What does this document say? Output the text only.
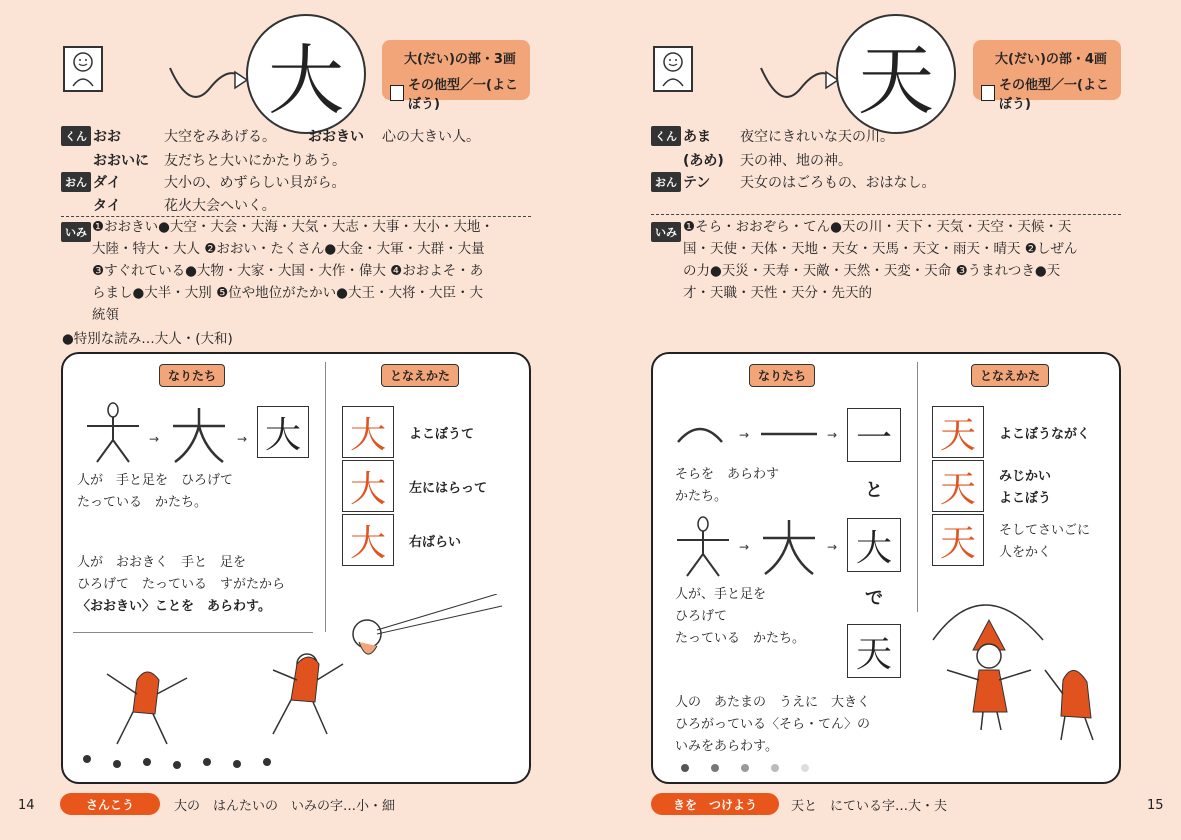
大	大(だい)の部・3画
その他型／一(よこぼう)
くん おお	大空をみあげる。 おおきい 心の大きい人。
おおいに 友だちと大いにかたりあう。
おん ダイ	大小の、めずらしい貝がら。
タイ	花火大会へいく。
いみ ❶おおきい●大空・大会・大海・大気・大志・大事・大小・大地・
大陸・特大・大人 ❷おおい・たくさん●大金・大軍・大群・大量
❸すぐれている●大物・大家・大国・大作・偉大 ❹おおよそ・あ
らまし●大半・大別 ❺位や地位がたかい●大王・大将・大臣・大
統領
●特別な読み…大人・(大和)
なりたち	となえかた
→	→ 大
人が　手と足を　ひろげて
たっている　かたち。
人が　おおきく　手と　足を
ひろげて　たっている　すがたから
〈おおきい〉ことを　あらわす。
大
大
大
よこぼうて
左にはらって
右ばらい
14	さんこう	大の　はんたいの　いみの字…小・細
天	大(だい)の部・4画
その他型／一(よこぼう)
くん あま 夜空にきれいな天の川。
(あめ) 天の神、地の神。
おん テン 天女のはごろもの、おはなし。
いみ ❶そら・おおぞら・てん●天の川・天下・天気・天空・天候・天
国・天使・天体・天地・天女・天馬・天文・雨天・晴天 ❷しぜん
の力●天災・天寿・天敵・天然・天変・天命 ❸うまれつき●天
才・天職・天性・天分・先天的
なりたち	となえかた
→	→ 一
そらを　あらわす
かたち。	と
→	→ 大
で
人が、手と足を
ひろげて
たっている　かたち。 天
人の　あたまの　うえに　大きく
ひろがっている〈そら・てん〉の
いみをあらわす。
天
天
天
よこぼうながく
みじかい
よこぼう
そしてさいごに
人をかく
きを　つけよう	天と　にている字…大・夫	15
